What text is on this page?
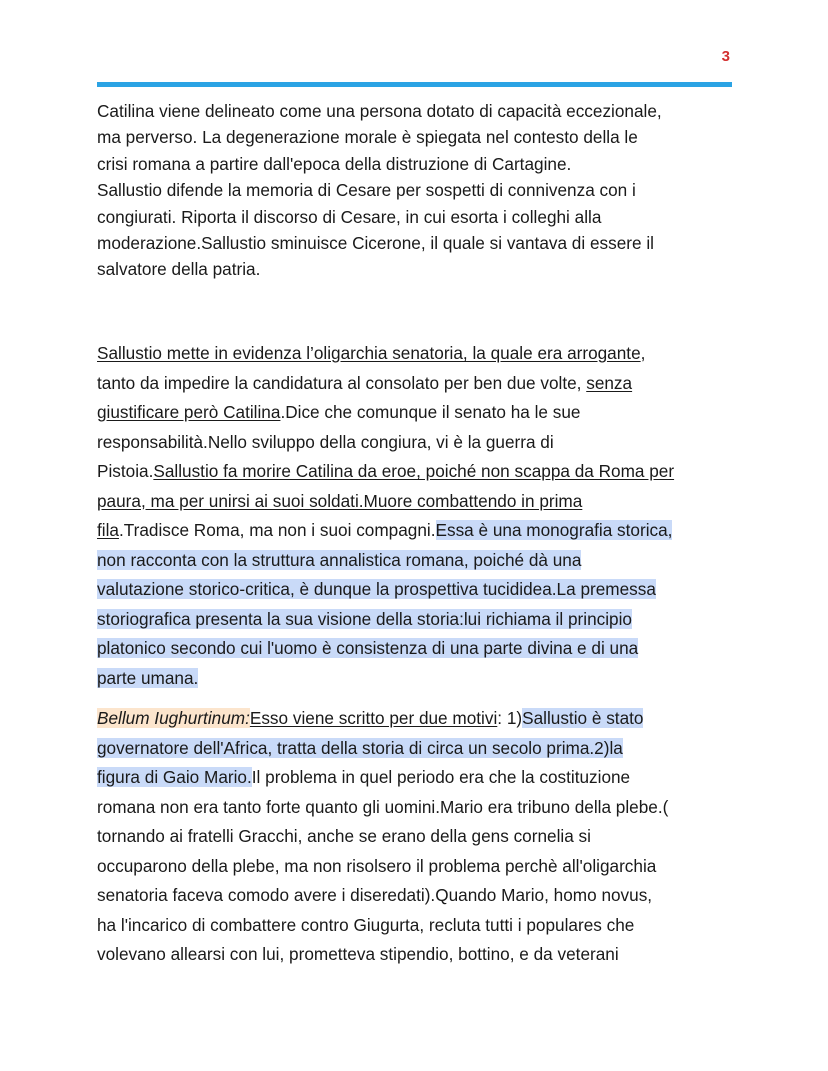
3
Catilina viene delineato come una persona dotato di capacità eccezionale,
ma perverso. La degenerazione morale è spiegata nel contesto della le
crisi romana a partire dall'epoca della distruzione di Cartagine.
Sallustio difende la memoria di Cesare per sospetti di connivenza con i
congiurati. Riporta il discorso di Cesare, in cui esorta i colleghi alla
moderazione.Sallustio sminuisce Cicerone, il quale si vantava di essere il
salvatore della patria.
Sallustio mette in evidenza l’oligarchia senatoria, la quale era arrogante,
tanto da impedire la candidatura al consolato per ben due volte, senza
giustificare però Catilina.Dice che comunque il senato ha le sue
responsabilità.Nello sviluppo della congiura, vi è la guerra di
Pistoia.Sallustio fa morire Catilina da eroe, poiché non scappa da Roma per
paura, ma per unirsi ai suoi soldati.Muore combattendo in prima
fila.Tradisce Roma, ma non i suoi compagni.Essa è una monografia storica,
non racconta con la struttura annalistica romana, poiché dà una
valutazione storico-critica, è dunque la prospettiva tucididea.La premessa
storiografica presenta la sua visione della storia:lui richiama il principio
platonico secondo cui l'uomo è consistenza di una parte divina e di una
parte umana.
Bellum Iughurtinum:Esso viene scritto per due motivi: 1)Sallustio è stato
governatore dell'Africa, tratta della storia di circa un secolo prima.2)la
figura di Gaio Mario.Il problema in quel periodo era che la costituzione
romana non era tanto forte quanto gli uomini.Mario era tribuno della plebe.(
tornando ai fratelli Gracchi, anche se erano della gens cornelia si
occuparono della plebe, ma non risolsero il problema perchè all'oligarchia
senatoria faceva comodo avere i diseredati).Quando Mario, homo novus,
ha l'incarico di combattere contro Giugurta, recluta tutti i populares che
volevano allearsi con lui, prometteva stipendio, bottino, e da veterani
